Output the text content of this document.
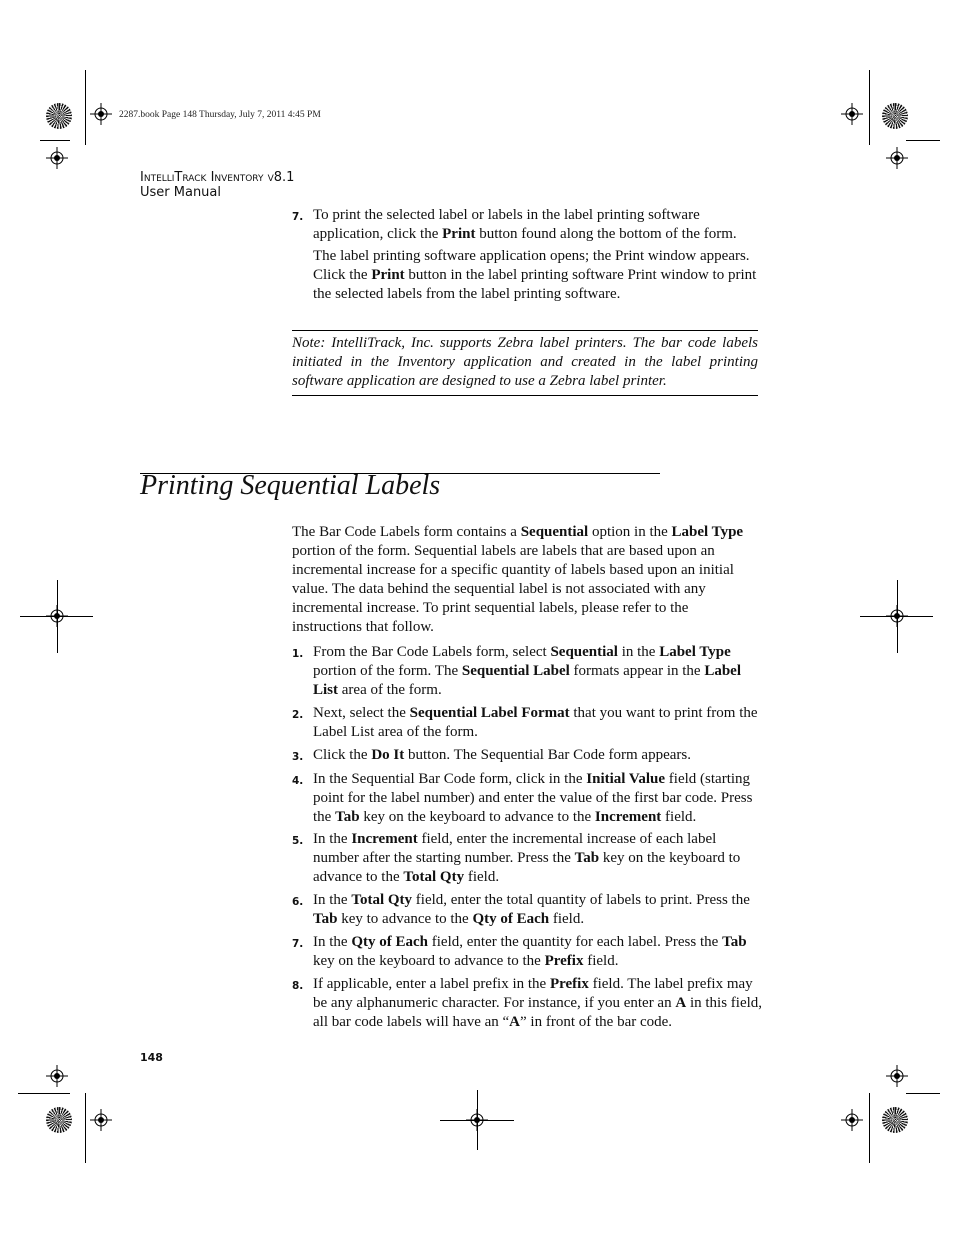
2287.book Page 148 Thursday, July 7, 2011 4:45 PM
IntelliTrack Inventory v8.1
User Manual
7. To print the selected label or labels in the label printing software application, click the Print button found along the bottom of the form.
The label printing software application opens; the Print window appears. Click the Print button in the label printing software Print window to print the selected labels from the label printing software.
Note: IntelliTrack, Inc. supports Zebra label printers. The bar code labels initiated in the Inventory application and created in the label printing software application are designed to use a Zebra label printer.
Printing Sequential Labels
The Bar Code Labels form contains a Sequential option in the Label Type portion of the form. Sequential labels are labels that are based upon an incremental increase for a specific quantity of labels based upon an initial value. The data behind the sequential label is not associated with any incremental increase. To print sequential labels, please refer to the instructions that follow.
1. From the Bar Code Labels form, select Sequential in the Label Type portion of the form. The Sequential Label formats appear in the Label List area of the form.
2. Next, select the Sequential Label Format that you want to print from the Label List area of the form.
3. Click the Do It button. The Sequential Bar Code form appears.
4. In the Sequential Bar Code form, click in the Initial Value field (starting point for the label number) and enter the value of the first bar code. Press the Tab key on the keyboard to advance to the Increment field.
5. In the Increment field, enter the incremental increase of each label number after the starting number. Press the Tab key on the keyboard to advance to the Total Qty field.
6. In the Total Qty field, enter the total quantity of labels to print. Press the Tab key to advance to the Qty of Each field.
7. In the Qty of Each field, enter the quantity for each label. Press the Tab key on the keyboard to advance to the Prefix field.
8. If applicable, enter a label prefix in the Prefix field. The label prefix may be any alphanumeric character. For instance, if you enter an A in this field, all bar code labels will have an “A” in front of the bar code.
148
